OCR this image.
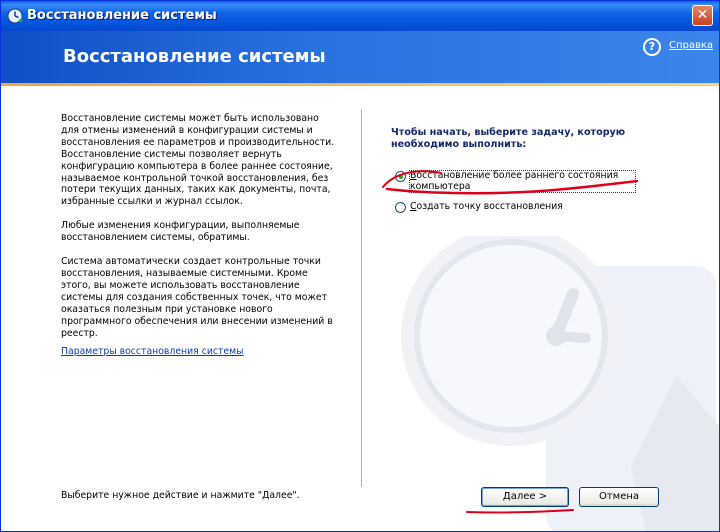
Восстановление системы	✕
Восстановление системы	?	Справка

Восстановление системы может быть использовано для отмены изменений в конфигурации системы и восстановления ее параметров и производительности. Восстановление системы позволяет вернуть конфигурацию компьютера в более раннее состояние, называемое контрольной точкой восстановления, без потери текущих данных, таких как документы, почта, избранные ссылки и журнал ссылок.

Любые изменения конфигурации, выполняемые восстановлением системы, обратимы.

Система автоматически создает контрольные точки восстановления, называемые системными. Кроме этого, вы можете использовать восстановление системы для создания собственных точек, что может оказаться полезным при установке нового программного обеспечения или внесении изменений в реестр.

Параметры восстановления системы
Чтобы начать, выберите задачу, которую необходимо выполнить:
Восстановление более раннего состояния компьютера
Создать точку восстановления
Выберите нужное действие и нажмите "Далее".	Далее >	Отмена
